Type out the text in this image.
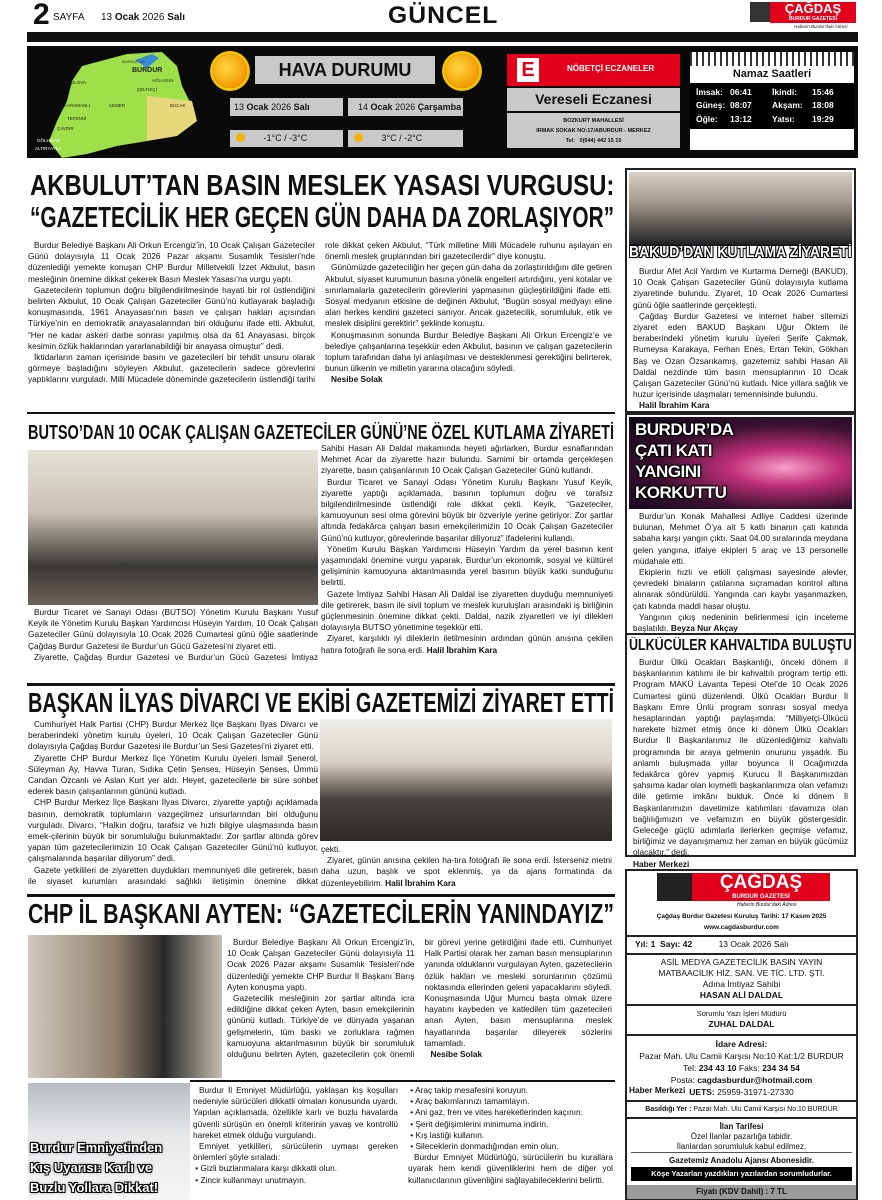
2 SAYFA 13 Ocak 2026 Salı	GÜNCEL	ÇAĞDAŞ
BURDUR GAZETESİ
Haberin Burdur'daki Adresi
BURDUR GL
BURDUR
AĞLASUN
YEŞİLOVA
ÇELTİKÇİ
KARAMANLI	KEMER	BUCAK
TEFENNİ
ÇAVDIR
GÖLHİSAR
ALTINYAYLA
HAVA DURUMU
13 Ocak 2026 Salı	14 Ocak 2026 Çarşamba
-1°C / -3°C	3°C / -2°C
E	NÖBETÇİ ECZANELER
Vereseli Eczanesi
BOZKURT MAHALLESİ
IRMAK SOKAK NO:17/ABURDUR - MERKEZ
Tel: 0(544) 442 15 15
Namaz Saatleri
İmsak: 06:41	İkindi: 15:46
Güneş: 08:07	Akşam: 18:08
Öğle: 13:12	Yatsı: 19:29
AKBULUT’TAN BASIN MESLEK YASASI VURGUSU:
“GAZETECİLİK HER GEÇEN GÜN DAHA DA ZORLAŞIYOR”

Burdur Belediye Başkanı Ali Orkun Ercengiz’in, 10 Ocak Çalışan Gazeteciler Günü dolayısıyla 11 Ocak 2026 Pazar akşamı Susamlık Tesisleri’nde düzenlediği yemekte konuşan CHP Burdur Milletvekili İzzet Akbulut, basın mesleğinin önemine dikkat çekerek Basın Meslek Yasası’na vurgu yaptı.

Gazetecilerin toplumun doğru bilgilendirilmesinde hayati bir rol üstlendiğini belirten Akbulut, 10 Ocak Çalışan Gazeteciler Günü’nü kutlayarak başladığı konuşmasında, 1961 Anayasası’nın basın ve çalışan hakları açısından Türkiye’nin en demokratik anayasalarından biri olduğunu ifade etti. Akbulut, “Her ne kadar askeri darbe sonrası yapılmış olsa da 61 Anayasası, birçok kesimin özlük haklarından yararlanabildiği bir anayasa olmuştur” dedi.

İktidarların zaman içerisinde basını ve gazetecileri bir tehdit unsuru olarak görmeye başladığını söyleyen Akbulut, gazetecilerin sadece görevlerini yaptıklarını vurguladı. Milli Mücadele döneminde gazetecilerin üstlendiği tarihi role dikkat çeken Akbulut, “Türk milletine Milli Mücadele ruhunu aşılayan en önemli meslek gruplarından biri gazetecilerdir” diye konuştu.

Günümüzde gazeteciliğin her geçen gün daha da zorlaştırıldığını dile getiren Akbulut, siyaset kurumunun basına yönelik engelleri artırdığını, yeni kotalar ve sınırlamalarla gazetecilerin görevlerini yapmasının güçleştirildiğini ifade etti. Sosyal medyanın etkisine de değinen Akbulut, “Bugün sosyal medyayı eline alan herkes kendini gazeteci sanıyor. Ancak gazetecilik, sorumluluk, etik ve meslek disiplini gerektirir” şeklinde konuştu.

Konuşmasının sonunda Burdur Belediye Başkanı Ali Orkun Ercengiz’e ve belediye çalışanlarına teşekkür eden Akbulut, basının ve çalışan gazetecilerin toplum tarafından daha iyi anlaşılması ve desteklenmesi gerektiğini belirterek, bunun ülkenin ve milletin yararına olacağını söyledi.

Nesibe Solak
BAKUD’DAN KUTLAMA ZİYARETİ

Burdur Afet Acil Yardım ve Kurtarma Derneği (BAKUD), 10 Ocak Çalışan Gazeteciler Günü dolayısıyla kutlama ziyaretinde bulundu. Ziyaret, 10 Ocak 2026 Cumartesi günü öğle saatlerinde gerçekleşti.

Çağdaş Burdur Gazetesi ve internet haber sitemizi ziyaret eden BAKUD Başkanı Uğur Öktem ile beraberindeki yönetim kurulu üyeleri Şerife Çakmak, Rumeysa Karakaya, Ferhan Enes, Ertan Tekin, Gökhan Baş ve Ozan Özsarıkamış, gazetemiz sahibi Hasan Ali Daldal nezdinde tüm basın mensuplarının 10 Ocak Çalışan Gazeteciler Günü’nü kutladı. Nice yıllara sağlık ve huzur içerisinde ulaşmaları temennisinde bulundu.

Halil İbrahim Kara
BUTSO’DAN 10 OCAK ÇALIŞAN GAZETECİLER GÜNÜ’NE ÖZEL KUTLAMA ZİYARETİ

Burdur Ticaret ve Sanayi Odası (BUTSO) Yönetim Kurulu Başkanı Yusuf Keyik ile Yönetim Kurulu Başkan Yardımcısı Hüseyin Yardım, 10 Ocak Çalışan Gazeteciler Günü dolayısıyla 10 Ocak 2026 Cumartesi günü öğle saatlerinde Çağdaş Burdur Gazetesi ile Burdur’un Gücü Gazetesi’ni ziyaret etti.

Ziyarette, Çağdaş Burdur Gazetesi ve Burdur’un Gücü Gazetesi İmtiyaz

Sahibi Hasan Ali Daldal makamında heyeti ağırlarken, Burdur esnaflarından Mehmet Acar da ziyarette hazır bulundu. Samimi bir ortamda gerçekleşen ziyarette, basın çalışanlarının 10 Ocak Çalışan Gazeteciler Günü kutlandı.

Burdur Ticaret ve Sanayi Odası Yönetim Kurulu Başkanı Yusuf Keyik, ziyarette yaptığı açıklamada, basının toplumun doğru ve tarafsız bilgilendirilmesinde üstlendiği role dikkat çekti. Keyik, “Gazeteciler, kamuoyunun sesi olma görevini büyük bir özveriyle yerine getiriyor. Zor şartlar altında fedakârca çalışan basın emekçilerimizin 10 Ocak Çalışan Gazeteciler Günü’nü kutluyor, görevlerinde başarılar diliyoruz” ifadelerini kullandı.

Yönetim Kurulu Başkan Yardımcısı Hüseyin Yardım da yerel basının kent yaşamındaki önemine vurgu yaparak, Burdur’un ekonomik, sosyal ve kültürel gelişiminin kamuoyuna aktarılmasında yerel basının büyük katkı sunduğunu belirtti.

Gazete İmtiyaz Sahibi Hasan Ali Daldal ise ziyaretten duyduğu memnuniyeti dile getirerek, basın ile sivil toplum ve meslek kuruluşları arasındaki iş birliğinin güçlenmesinin önemine dikkat çekti. Daldal, nazik ziyaretleri ve iyi dilekleri dolayısıyla BUTSO yönetimine teşekkür etti.

Ziyaret, karşılıklı iyi dileklerin iletilmesinin ardından günün anısına çekilen hatıra fotoğrafı ile sona erdi. Halil İbrahim Kara

BURDUR’DA
ÇATI KATI
YANGINI
KORKUTTU

Burdur’un Konak Mahallesi Adliye Caddesi üzerinde bulunan, Mehmet Ö’ya ait 5 katlı binanın çatı katında sabaha karşı yangın çıktı. Saat 04.00 sıralarında meydana gelen yangına, itfaiye ekipleri 5 araç ve 13 personelle müdahale etti.

Ekiplerin hızlı ve etkili çalışması sayesinde alevler, çevredeki binaların çatılarına sıçramadan kontrol altına alınarak söndürüldü. Yangında can kaybı yaşanmazken, çatı katında maddi hasar oluştu.

Yangının çıkış nedeninin belirlenmesi için inceleme başlatıldı. Beyza Nur Akçay

ÜLKÜCÜLER KAHVALTIDA BULUŞTU

Burdur Ülkü Ocakları Başkanlığı, önceki dönem il başkanlarının katılımı ile bir kahvaltılı program tertip etti. Program MAKÜ Lavanta Tepesi Otel’de 10 Ocak 2026 Cumartesi günü düzenlendi. Ülkü Ocakları Burdur İl Başkanı Emre Ünlü program sonrası sosyal medya hesaplarından yaptığı paylaşımda: “Milliyetçi-Ülkücü harekete hizmet etmiş önce ki dönem Ülkü Ocakları Burdur İl Başkanlarımız ile düzenlediğimiz kahvaltı programında bir araya gelmenin onurunu yaşadık. Bu anlamlı buluşmada yıllar boyunca İl Ocağımızda fedakârca görev yapmış Kurucu İl Başkanımızdan şahsıma kadar olan kıymetli başkanlarımıza olan vefamızı dile getirme imkânı bulduk. Önce ki dönem İl Başkanlarımızın davetimize katılımları davamıza olan bağlılığımızın ve vefamızın en büyük göstergesidir. Geleceğe güçlü adımlarla ilerlerken geçmişe vefamız, birliğimiz ve dayanışmamız her zaman en büyük gücümüz olacaktır.” dedi.

Haber Merkezi
BAŞKAN İLYAS DİVARCI VE EKİBİ GAZETEMİZİ ZİYARET ETTİ

Cumhuriyet Halk Partisi (CHP) Burdur Merkez İlçe Başkanı İlyas Divarcı ve beraberindeki yönetim kurulu üyeleri, 10 Ocak Çalışan Gazeteciler Günü dolayısıyla Çağdaş Burdur Gazetesi ile Burdur’un Sesi Gazetesi’ni ziyaret etti.

Ziyarette CHP Burdur Merkez İlçe Yönetim Kurulu üyeleri İsmail Şenerol, Süleyman Ay, Havva Turan, Sıdıka Çetin Şenses, Hüseyin Şenses, Ümmü Candan Özcanlı ve Aslan Kurt yer aldı. Heyet, gazetecilerle bir süre sohbet ederek basın çalışanlarının gününü kutladı.

CHP Burdur Merkez İlçe Başkanı İlyas Divarcı, ziyarette yaptığı açıklamada basının, demokratik toplumların vazgeçilmez unsurlarından biri olduğunu vurguladı. Divarcı, “Halkın doğru, tarafsız ve hızlı bilgiye ulaşmasında basın emek-çilerinin büyük bir sorumluluğu bulunmaktadır. Zor şartlar altında görev yapan tüm gazetecilerimizin 10 Ocak Çalışan Gazeteciler Günü’nü kutluyor, çalışmalarında başarılar diliyorum” dedi.

Gazete yetkilileri de ziyaretten duydukları memnuniyeti dile getirerek, basın ile siyaset kurumları arasındaki sağlıklı iletişimin önemine dikkat

çekti.

Ziyaret, günün anısına çekilen ha-tıra fotoğrafı ile sona erdi. İsterseniz metni daha uzun, başlık ve spot eklenmiş, ya da ajans formatında da düzenleyebilirim. Halil İbrahim Kara

CHP İL BAŞKANI AYTEN: “GAZETECİLERİN YANINDAYIZ”

Burdur Belediye Başkanı Ali Orkun Ercengiz’in, 10 Ocak Çalışan Gazeteciler Günü dolayısıyla 11 Ocak 2026 Pazar akşamı Susamlık Tesisleri’nde düzenlediği yemekte CHP Burdur İl Başkanı Barış Ayten konuşma yaptı.

Gazetecilik mesleğinin zor şartlar altında icra edildiğine dikkat çeken Ayten, basın emekçilerinin gününü kutladı. Türkiye’de ve dünyada yaşanan gelişmelerin, tüm baskı ve zorluklara rağmen kamuoyuna aktarılmasının büyük bir sorumluluk olduğunu belirten Ayten, gazetecilerin çok önemli bir görevi yerine getirdiğini ifade etti. Cumhuriyet Halk Partisi olarak her zaman basın mensuplarının yanında olduklarını vurgulayan Ayten, gazetecilerin özlük hakları ve mesleki sorunlarının çözümü noktasında ellerinden geleni yapacaklarını söyledi. Konuşmasında Uğur Mumcu başta olmak üzere hayatını kaybeden ve katledilen tüm gazetecileri anan Ayten, basın mensuplarına meslek hayatlarında başarılar dileyerek sözlerini tamamladı.

Nesibe Solak
Burdur Emniyetinden
Kış Uyarısı: Karlı ve
Buzlu Yollara Dikkat!

Burdur İl Emniyet Müdürlüğü, yaklaşan kış koşulları nedeniyle sürücüleri dikkatli olmaları konusunda uyardı. Yapılan açıklamada, özellikle karlı ve buzlu havalarda güvenli sürüşün en önemli kriterinin yavaş ve kontrollü hareket etmek olduğu vurgulandı.

Emniyet yetkilileri, sürücülerin uyması gereken önlemleri şöyle sıraladı:

• Gizli buzlanmalara karşı dikkatli olun.
• Zincir kullanmayı unutmayın.
• Araç takip mesafesini koruyun.
• Araç bakımlarınızı tamamlayın.
• Ani gaz, fren ve vites hareketlerinden kaçının.
• Şerit değişimlerini minimuma indirin.
• Kış lastiği kullanın.
• Sileceklerin donmadığından emin olun.

Burdur Emniyet Müdürlüğü, sürücülerin bu kurallara uyarak hem kendi güvenliklerini hem de diğer yol kullanıcılarının güvenliğini sağlayabileceklerini belirtti.

Haber Merkezi
ÇAĞDAŞ
BURDUR GAZETESİ
Haberin Burdur'daki Adresi
Çağdaş Burdur Gazetesi Kuruluş Tarihi: 17 Kasım 2025
www.cagdasburdur.com
Yıl: 1 Sayı: 42	13 Ocak 2026 Salı
ASİL MEDYA GAZETECİLİK BASIN YAYIN
MATBAACILIK HİZ. SAN. VE TİC. LTD. ŞTİ.
Adına İmtiyaz Sahibi
HASAN ALİ DALDAL
Sorumlu Yazı İşleri Müdürü
ZUHAL DALDAL
İdare Adresi:
Pazar Mah. Ulu Camii Karşısı No:10 Kat:1/2 BURDUR
Tel: 234 43 10 Faks: 234 34 54
Posta: cagdasburdur@hotmail.com
UETS: 25959-31971-27330
Basıldığı Yer : Pazar Mah. Ulu Camii Karşısı No:10 BURDUR
İlan Tarifesi
Özel İlanlar pazarlığa tabidir.
İlanlardan sorumluluk kabul edilmez.
Gazetemiz Anadolu Ajansı Abonesidir.
Köşe Yazarları yazdıkları yazılardan sorumludurlar.
Fiyatı (KDV Dahil) : 7 TL
